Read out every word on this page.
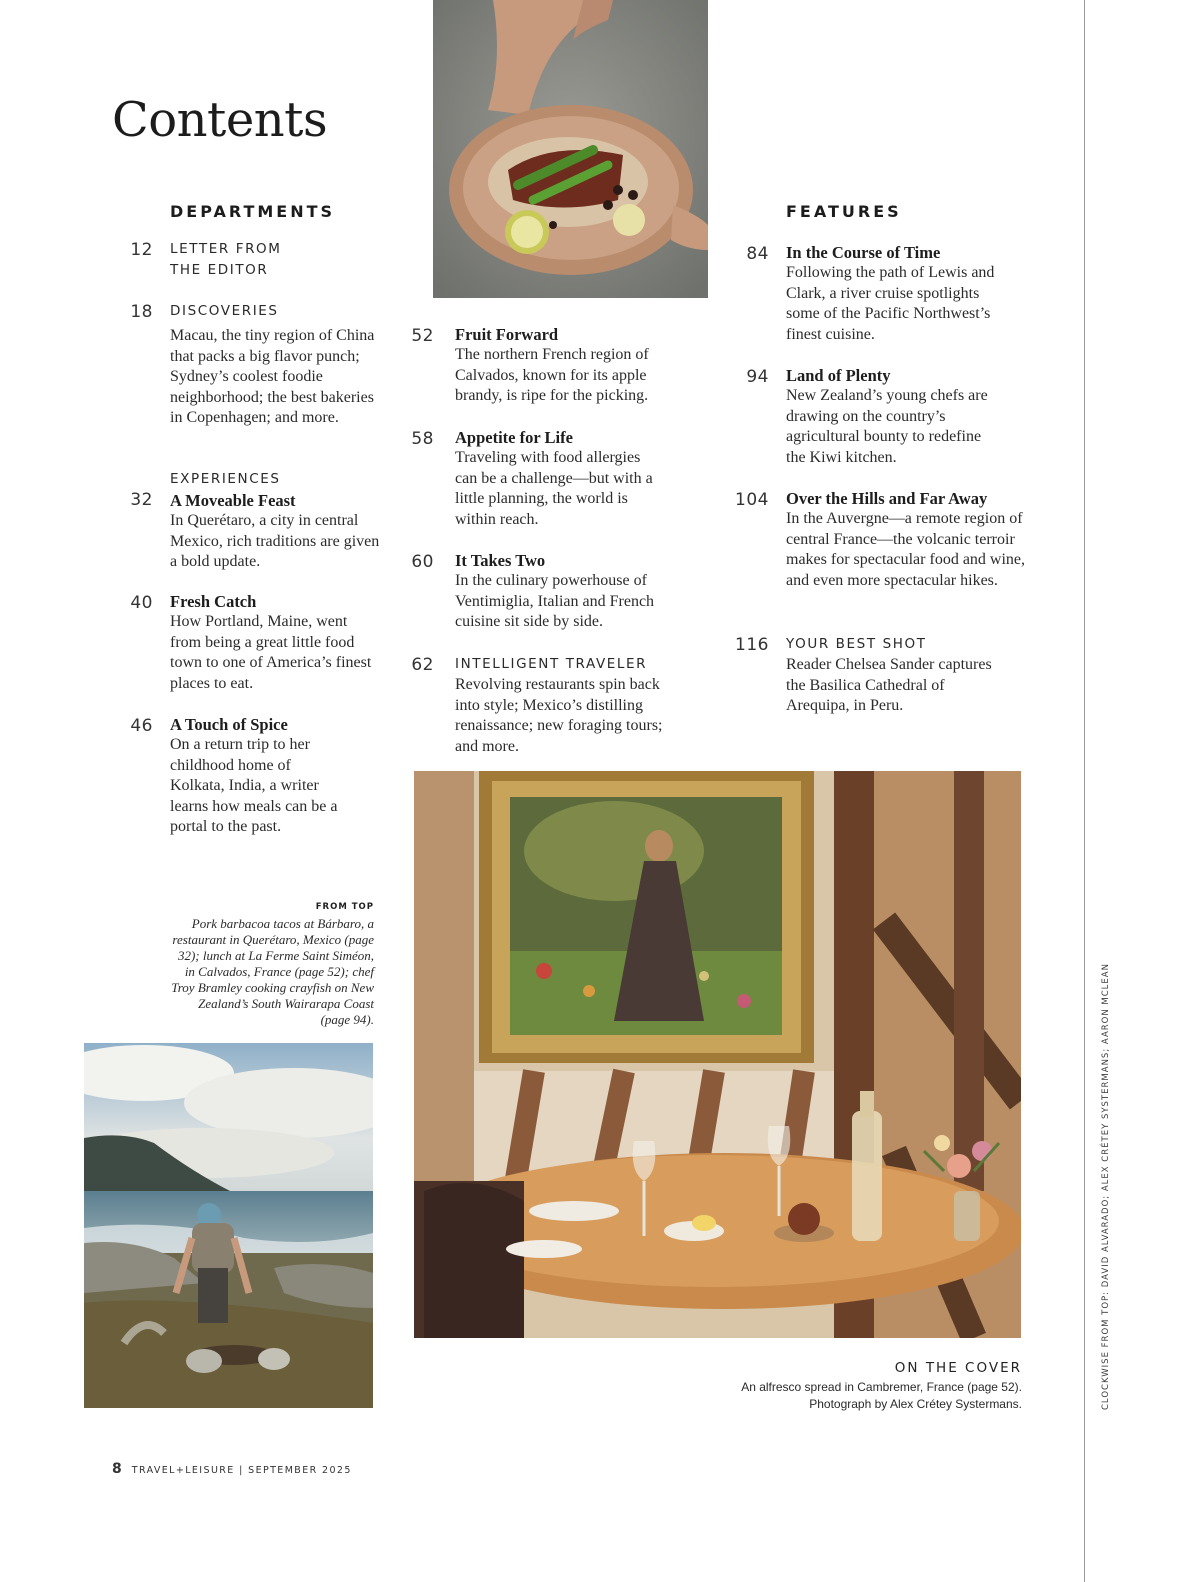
Contents
DEPARTMENTS
12 LETTER FROM THE EDITOR
18 DISCOVERIES
Macau, the tiny region of China that packs a big flavor punch; Sydney’s coolest foodie neighborhood; the best bakeries in Copenhagen; and more.
EXPERIENCES
A Moveable Feast
In Querétaro, a city in central Mexico, rich traditions are given a bold update.
32
40 Fresh Catch
How Portland, Maine, went from being a great little food town to one of America’s finest places to eat.
46 A Touch of Spice
On a return trip to her childhood home of Kolkata, India, a writer learns how meals can be a portal to the past.
52 Fruit Forward
The northern French region of Calvados, known for its apple brandy, is ripe for the picking.
58 Appetite for Life
Traveling with food allergies can be a challenge—but with a little planning, the world is within reach.
60 It Takes Two
In the culinary powerhouse of Ventimiglia, Italian and French cuisine sit side by side.
62 INTELLIGENT TRAVELER
Revolving restaurants spin back into style; Mexico’s distilling renaissance; new foraging tours; and more.
FEATURES
84 In the Course of Time
Following the path of Lewis and Clark, a river cruise spotlights some of the Pacific Northwest’s finest cuisine.
94 Land of Plenty
New Zealand’s young chefs are drawing on the country’s agricultural bounty to redefine the Kiwi kitchen.
104 Over the Hills and Far Away
In the Auvergne—a remote region of central France—the volcanic terroir makes for spectacular food and wine, and even more spectacular hikes.
116 YOUR BEST SHOT
Reader Chelsea Sander captures the Basilica Cathedral of Arequipa, in Peru.
FROM TOP
Pork barbacoa tacos at Bárbaro, a restaurant in Querétaro, Mexico (page 32); lunch at La Ferme Saint Siméon, in Calvados, France (page 52); chef Troy Bramley cooking crayfish on New Zealand’s South Wairarapa Coast (page 94).
ON THE COVER
An alfresco spread in Cambremer, France (page 52).
Photograph by Alex Crétey Systermans.	CLOCKWISE FROM TOP: DAVID ALVARADO; ALEX CRÉTEY SYSTERMANS; AARON MCLEAN
8 TRAVEL+LEISURE | SEPTEMBER 2025
